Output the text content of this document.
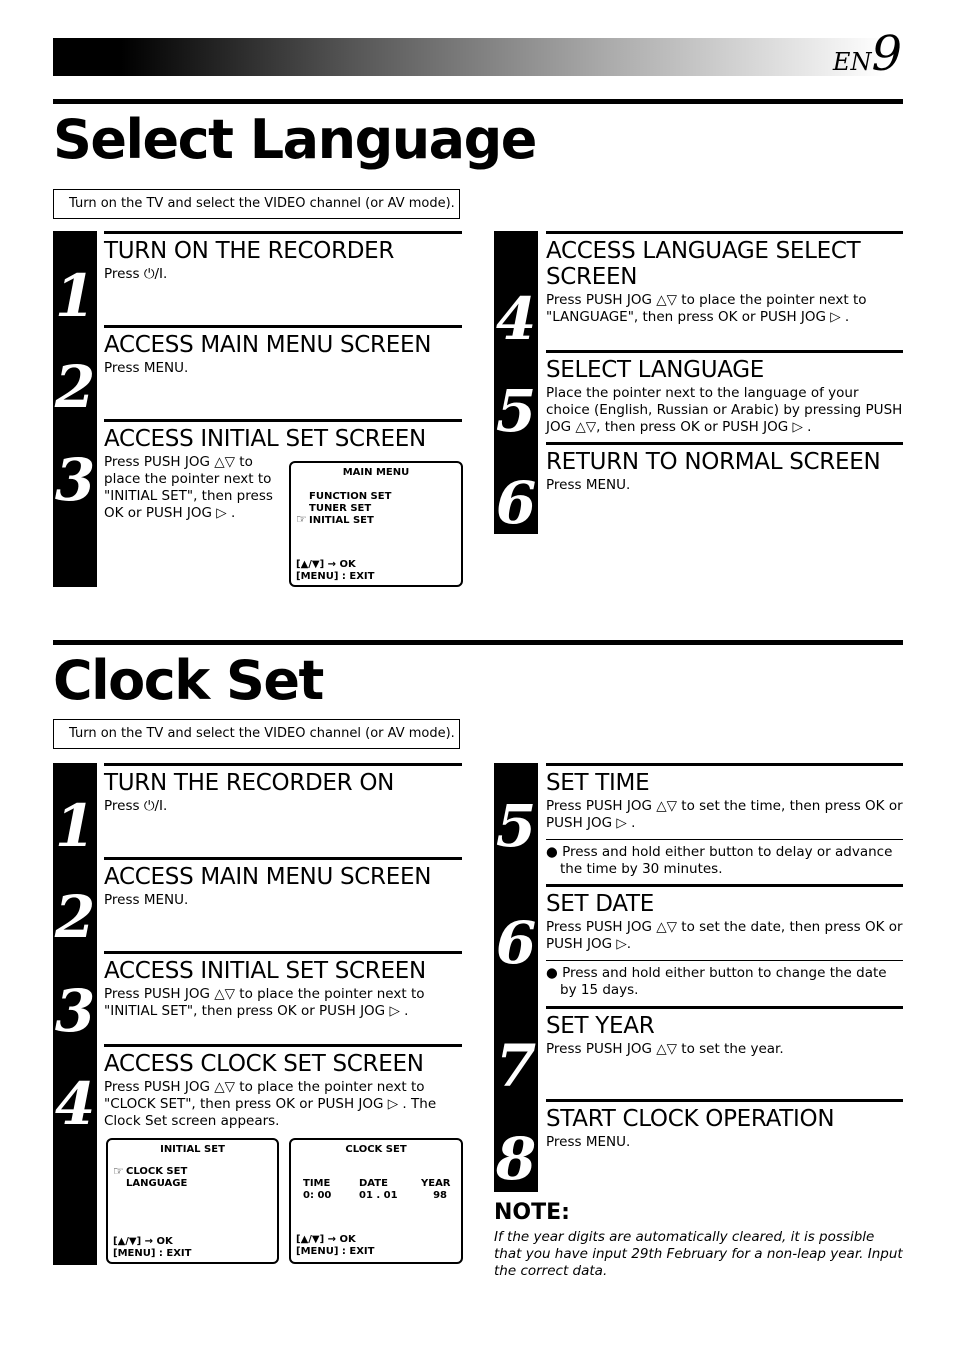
EN9
Select Language
Turn on the TV and select the VIDEO channel (or AV mode).
1
2
3
TURN ON THE RECORDER
Press ⏻/I.
ACCESS MAIN MENU SCREEN
Press MENU.
ACCESS INITIAL SET SCREEN
Press PUSH JOG △▽ to place the pointer next to "INITIAL SET", then press OK or PUSH JOG ▷ .
MAIN MENU
FUNCTION SET
TUNER SET
INITIAL SET
☞
[▲/▼] → OK
[MENU] : EXIT
4
5
6
ACCESS LANGUAGE SELECT SCREEN
Press PUSH JOG △▽ to place the pointer next to "LANGUAGE", then press OK or PUSH JOG ▷ .
SELECT LANGUAGE
Place the pointer next to the language of your choice (English, Russian or Arabic) by pressing PUSH JOG △▽, then press OK or PUSH JOG ▷ .
RETURN TO NORMAL SCREEN
Press MENU.
Clock Set
Turn on the TV and select the VIDEO channel (or AV mode).
1
2
3
4
TURN THE RECORDER ON
Press ⏻/I.
ACCESS MAIN MENU SCREEN
Press MENU.
ACCESS INITIAL SET SCREEN
Press PUSH JOG △▽ to place the pointer next to "INITIAL SET", then press OK or PUSH JOG ▷ .
ACCESS CLOCK SET SCREEN
Press PUSH JOG △▽ to place the pointer next to "CLOCK SET", then press OK or PUSH JOG ▷ . The Clock Set screen appears.
INITIAL SET
CLOCK SET
LANGUAGE
☞
[▲/▼] → OK
[MENU] : EXIT
CLOCK SET
TIME
0: 00
DATE
01 . 01
YEAR
98
[▲/▼] → OK
[MENU] : EXIT
5
6
7
8
SET TIME
Press PUSH JOG △▽ to set the time, then press OK or PUSH JOG ▷ .
● Press and hold either button to delay or advance the time by 30 minutes.
SET DATE
Press PUSH JOG △▽ to set the date, then press OK or PUSH JOG ▷.
● Press and hold either button to change the date by 15 days.
SET YEAR
Press PUSH JOG △▽ to set the year.
START CLOCK OPERATION
Press MENU.
NOTE:
If the year digits are automatically cleared, it is possible that you have input 29th February for a non-leap year. Input the correct data.
